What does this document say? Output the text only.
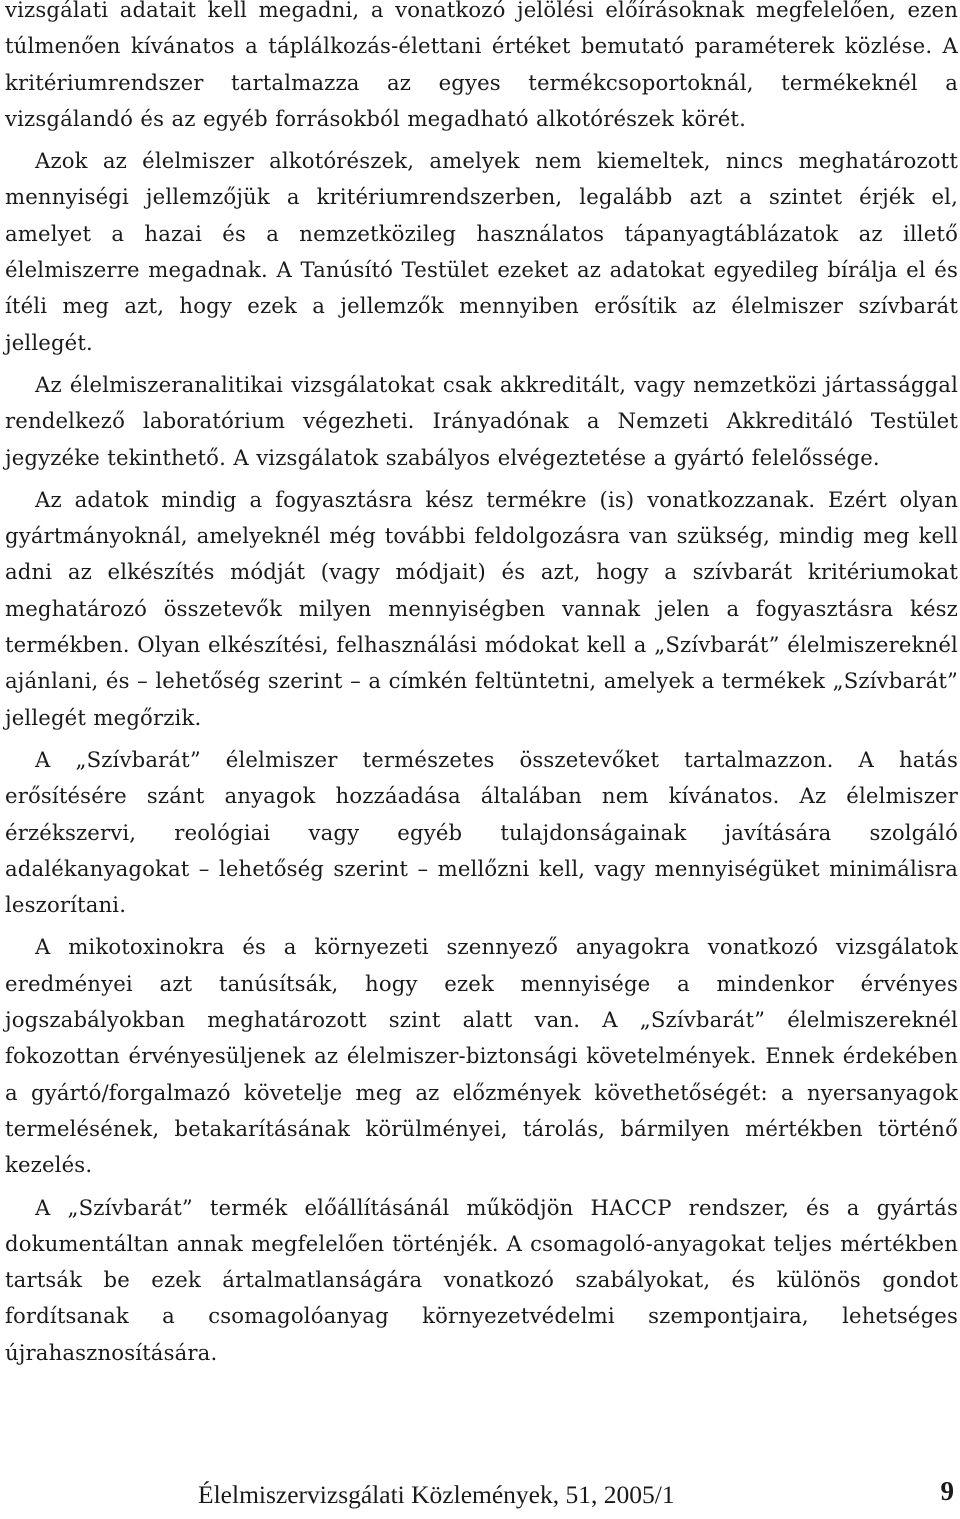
vizsgálati adatait kell megadni, a vonatkozó jelölési előírásoknak megfelelően, ezen túlmenően kívánatos a táplálkozás-élettani értéket bemutató paraméterek közlése. A kritériumrendszer tartalmazza az egyes termékcsoportoknál, termékeknél a vizsgálandó és az egyéb forrásokból megadható alkotórészek körét.

Azok az élelmiszer alkotórészek, amelyek nem kiemeltek, nincs meghatározott mennyiségi jellemzőjük a kritériumrendszerben, legalább azt a szintet érjék el, amelyet a hazai és a nemzetközileg használatos tápanyagtáblázatok az illető élelmiszerre megadnak. A Tanúsító Testület ezeket az adatokat egyedileg bírálja el és ítéli meg azt, hogy ezek a jellemzők mennyiben erősítik az élelmiszer szívbarát jellegét.

Az élelmiszeranalitikai vizsgálatokat csak akkreditált, vagy nemzetközi jártassággal rendelkező laboratórium végezheti. Irányadónak a Nemzeti Akkreditáló Testület jegyzéke tekinthető. A vizsgálatok szabályos elvégeztetése a gyártó felelőssége.

Az adatok mindig a fogyasztásra kész termékre (is) vonatkozzanak. Ezért olyan gyártmányoknál, amelyeknél még további feldolgozásra van szükség, mindig meg kell adni az elkészítés módját (vagy módjait) és azt, hogy a szívbarát kritériumokat meghatározó összetevők milyen mennyiségben vannak jelen a fogyasztásra kész termékben. Olyan elkészítési, felhasználási módokat kell a „Szívbarát” élelmiszereknél ajánlani, és – lehetőség szerint – a címkén feltüntetni, amelyek a termékek „Szívbarát” jellegét megőrzik.

A „Szívbarát” élelmiszer természetes összetevőket tartalmazzon. A hatás erősítésére szánt anyagok hozzáadása általában nem kívánatos. Az élelmiszer érzékszervi, reológiai vagy egyéb tulajdonságainak javítására szolgáló adalékanyagokat – lehetőség szerint – mellőzni kell, vagy mennyiségüket minimálisra leszorítani.

A mikotoxinokra és a környezeti szennyező anyagokra vonatkozó vizsgálatok eredményei azt tanúsítsák, hogy ezek mennyisége a mindenkor érvényes jogszabályokban meghatározott szint alatt van. A „Szívbarát” élelmiszereknél fokozottan érvényesüljenek az élelmiszer-biztonsági követelmények. Ennek érdekében a gyártó/forgalmazó követelje meg az előzmények követhetőségét: a nyersanyagok termelésének, betakarításának körülményei, tárolás, bármilyen mértékben történő kezelés.

A „Szívbarát” termék előállításánál működjön HACCP rendszer, és a gyártás dokumentáltan annak megfelelően történjék. A csomagoló-anyagokat teljes mértékben tartsák be ezek ártalmatlanságára vonatkozó szabályokat, és különös gondot fordítsanak a csomagolóanyag környezetvédelmi szempontjaira, lehetséges újrahasznosítására.

Élelmiszervizsgálati Közlemények, 51, 2005/1	9
